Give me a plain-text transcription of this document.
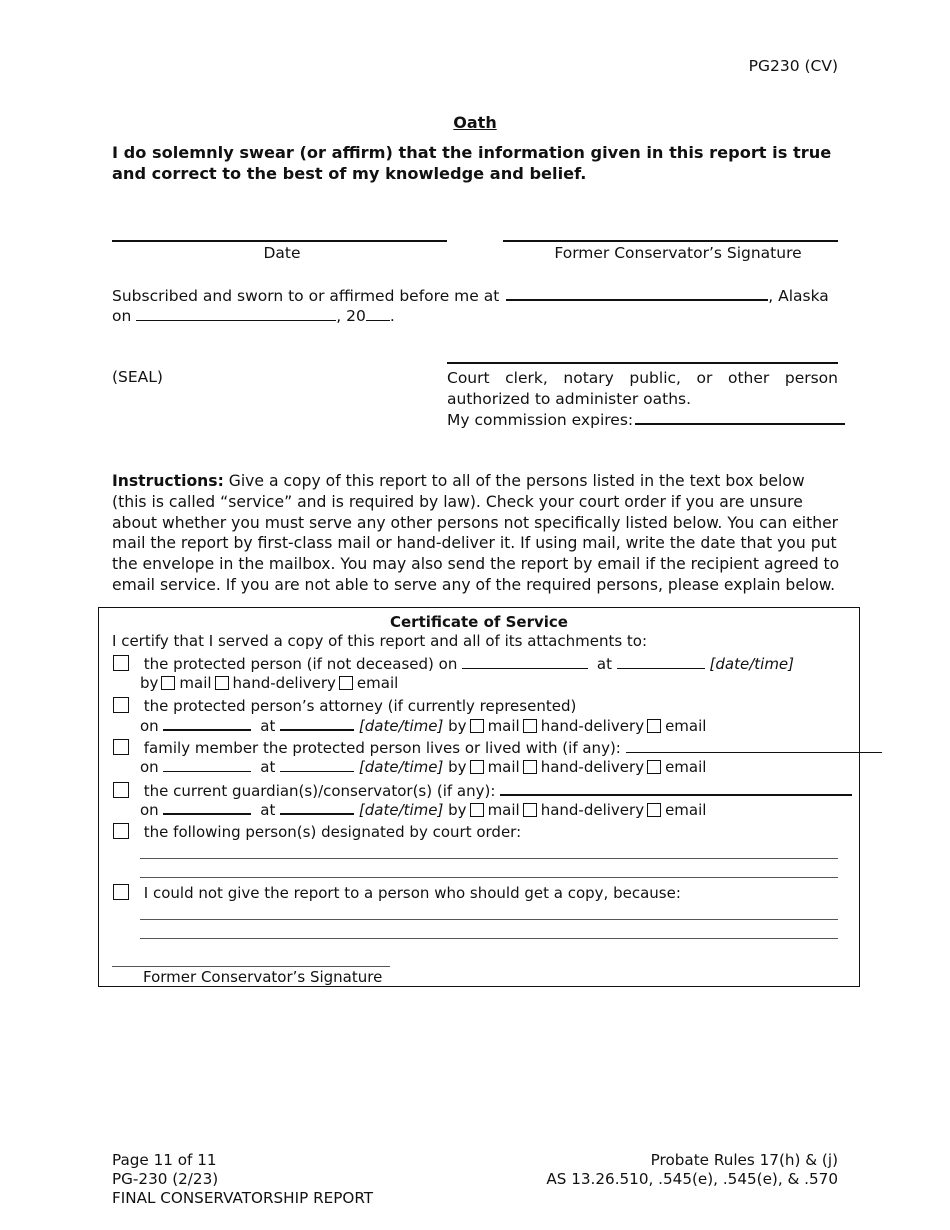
PG230 (CV)
Oath
I do solemnly swear (or affirm) that the information given in this report is true and correct to the best of my knowledge and belief.
Date	Former Conservator’s Signature
Subscribed and sworn to or affirmed before me at	, Alaska
on	, 20 .
(SEAL)	Court clerk, notary public, or other person authorized to administer oaths.
My commission expires:
Instructions: Give a copy of this report to all of the persons listed in the text box below (this is called “service” and is required by law). Check your court order if you are unsure about whether you must serve any other persons not specifically listed below. You can either mail the report by first-class mail or hand-deliver it. If using mail, write the date that you put the envelope in the mailbox. You may also send the report by email if the recipient agreed to email service. If you are not able to serve any of the required persons, please explain below.
Certificate of Service
I certify that I served a copy of this report and all of its attachments to:
the protected person (if not deceased) on	at	[date/time]
by mail hand-delivery email
the protected person’s attorney (if currently represented)
on	at	[date/time] by mail hand-delivery email
family member the protected person lives or lived with (if any):
on	at	[date/time] by mail hand-delivery email
the current guardian(s)/conservator(s) (if any):
on	at	[date/time] by mail hand-delivery email
the following person(s) designated by court order:
I could not give the report to a person who should get a copy, because:
Former Conservator’s Signature
Page 11 of 11
PG-230 (2/23)
FINAL CONSERVATORSHIP REPORT
Probate Rules 17(h) & (j)
AS 13.26.510, .545(e), .545(e), & .570
